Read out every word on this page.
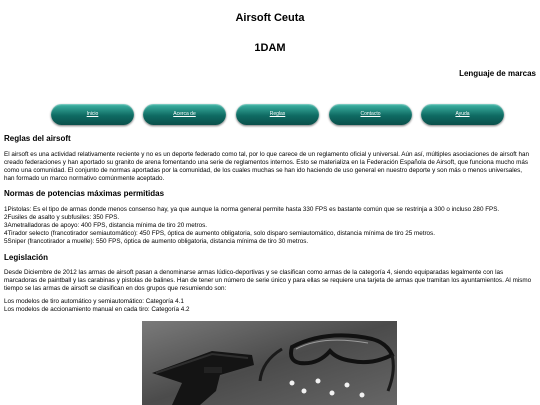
Airsoft Ceuta
1DAM
Lenguaje de marcas
Inicio	Acerca de	Reglas	Contacto	Ayuda
Reglas del airsoft

El airsoft es una actividad relativamente reciente y no es un deporte federado como tal, por lo que carece de un reglamento oficial y universal. Aún así, múltiples asociaciones de airsoft han creado federaciones y han aportado su granito de arena fomentando una serie de reglamentos internos. Esto se materializa en la Federación Española de Airsoft, que funciona mucho más como una comunidad. El conjunto de normas aportadas por la comunidad, de los cuales muchas se han ido haciendo de uso general en nuestro deporte y son más o menos universales, han formado un marco normativo comúnmente aceptado.

Normas de potencias máximas permitidas

1Pistolas: Es el tipo de armas donde menos consenso hay, ya que aunque la norma general permite hasta 330 FPS es bastante común que se restrinja a 300 o incluso 280 FPS.

2Fusiles de asalto y subfusiles: 350 FPS.

3Ametralladoras de apoyo: 400 FPS, distancia mínima de tiro 20 metros.

4Tirador selecto (francotirador semiautomático): 450 FPS, óptica de aumento obligatoria, solo disparo semiautomático, distancia mínima de tiro 25 metros.

5Sniper (francotirador a muelle): 550 FPS, óptica de aumento obligatoria, distancia mínima de tiro 30 metros.

Legislación

Desde Diciembre de 2012 las armas de airsoft pasan a denominarse armas lúdico-deportivas y se clasifican como armas de la categoría 4, siendo equiparadas legalmente con las marcadoras de paintball y las carabinas y pistolas de balines. Han de tener un número de serie único y para ellas se requiere una tarjeta de armas que tramitan los ayuntamientos. Al mismo tiempo se las armas de airsoft se clasifican en dos grupos que resumiendo son:

Los modelos de tiro automático y semiautomático: Categoría 4.1

Los modelos de accionamiento manual en cada tiro: Categoría 4.2
